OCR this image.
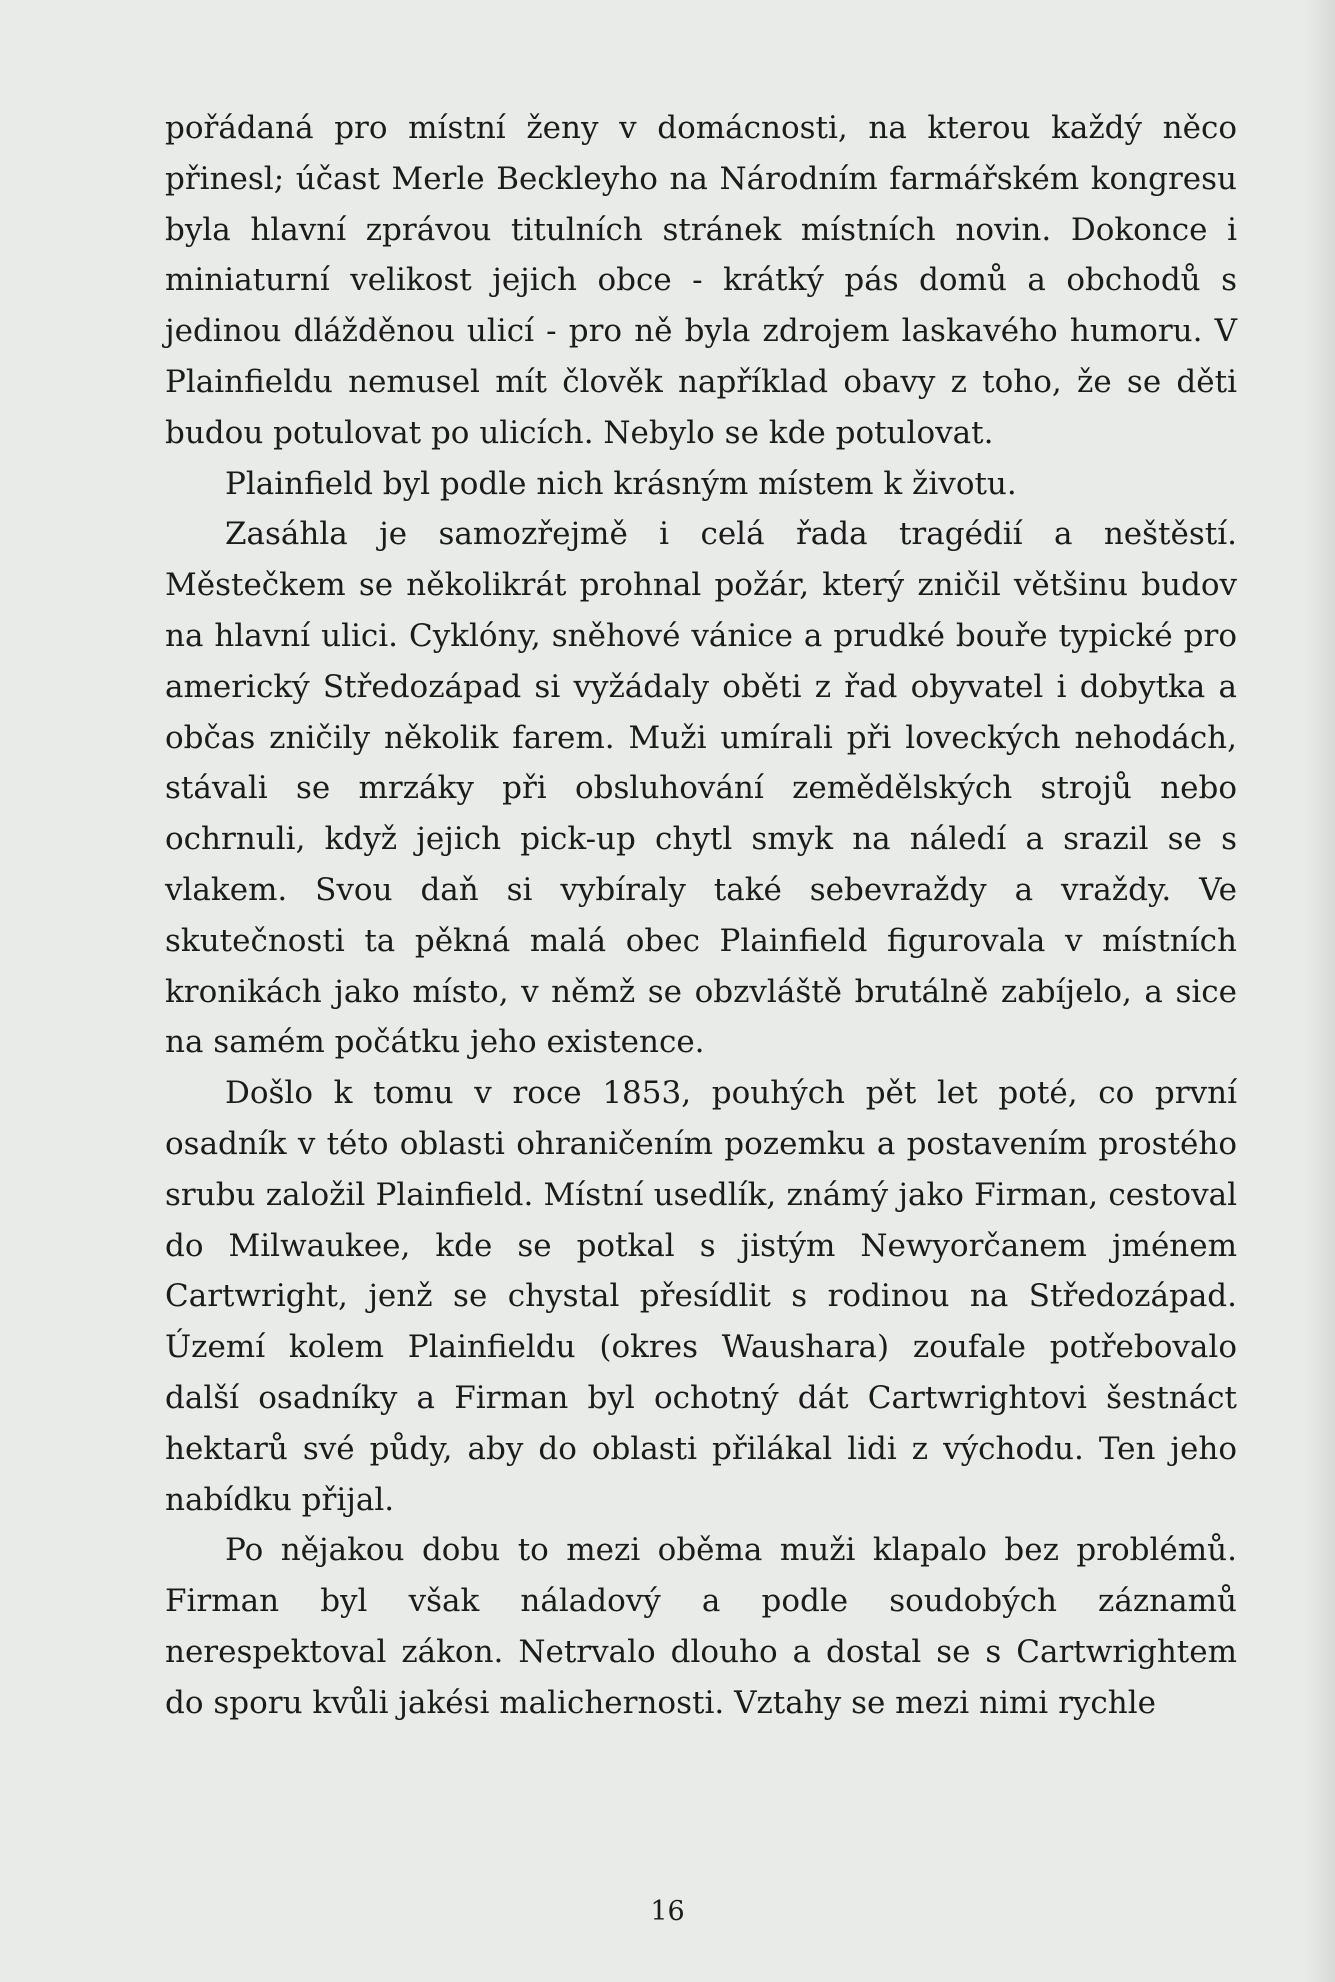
pořádaná pro místní ženy v domácnosti, na kterou každý něco přinesl; účast Merle Beckleyho na Národním farmářském kongresu byla hlavní zprávou titulních stránek místních novin. Dokonce i miniaturní velikost jejich obce - krátký pás domů a obchodů s jedinou dlážděnou ulicí - pro ně byla zdrojem laskavého humoru. V Plainfieldu nemusel mít člověk například obavy z toho, že se děti budou potulovat po ulicích. Nebylo se kde potulovat.

Plainfield byl podle nich krásným místem k životu.

Zasáhla je samozřejmě i celá řada tragédií a neštěstí. Městečkem se několikrát prohnal požár, který zničil většinu budov na hlavní ulici. Cyklóny, sněhové vánice a prudké bouře typické pro americký Středozápad si vyžádaly oběti z řad obyvatel i dobytka a občas zničily několik farem. Muži umírali při loveckých nehodách, stávali se mrzáky při obsluhování zemědělských strojů nebo ochrnuli, když jejich pick-up chytl smyk na náledí a srazil se s vlakem. Svou daň si vybíraly také sebevraždy a vraždy. Ve skutečnosti ta pěkná malá obec Plainfield figurovala v místních kronikách jako místo, v němž se obzvláště brutálně zabíjelo, a sice na samém počátku jeho existence.

Došlo k tomu v roce 1853, pouhých pět let poté, co první osadník v této oblasti ohraničením pozemku a postavením prostého srubu založil Plainfield. Místní usedlík, známý jako Firman, cestoval do Milwaukee, kde se potkal s jistým Newyorčanem jménem Cartwright, jenž se chystal přesídlit s rodinou na Středozápad. Území kolem Plainfieldu (okres Waushara) zoufale potřebovalo další osadníky a Firman byl ochotný dát Cartwrightovi šestnáct hektarů své půdy, aby do oblasti přilákal lidi z východu. Ten jeho nabídku přijal.

Po nějakou dobu to mezi oběma muži klapalo bez problémů. Firman byl však náladový a podle soudobých záznamů nerespektoval zákon. Netrvalo dlouho a dostal se s Cartwrightem do sporu kvůli jakési malichernosti. Vztahy se mezi nimi rychle

16
